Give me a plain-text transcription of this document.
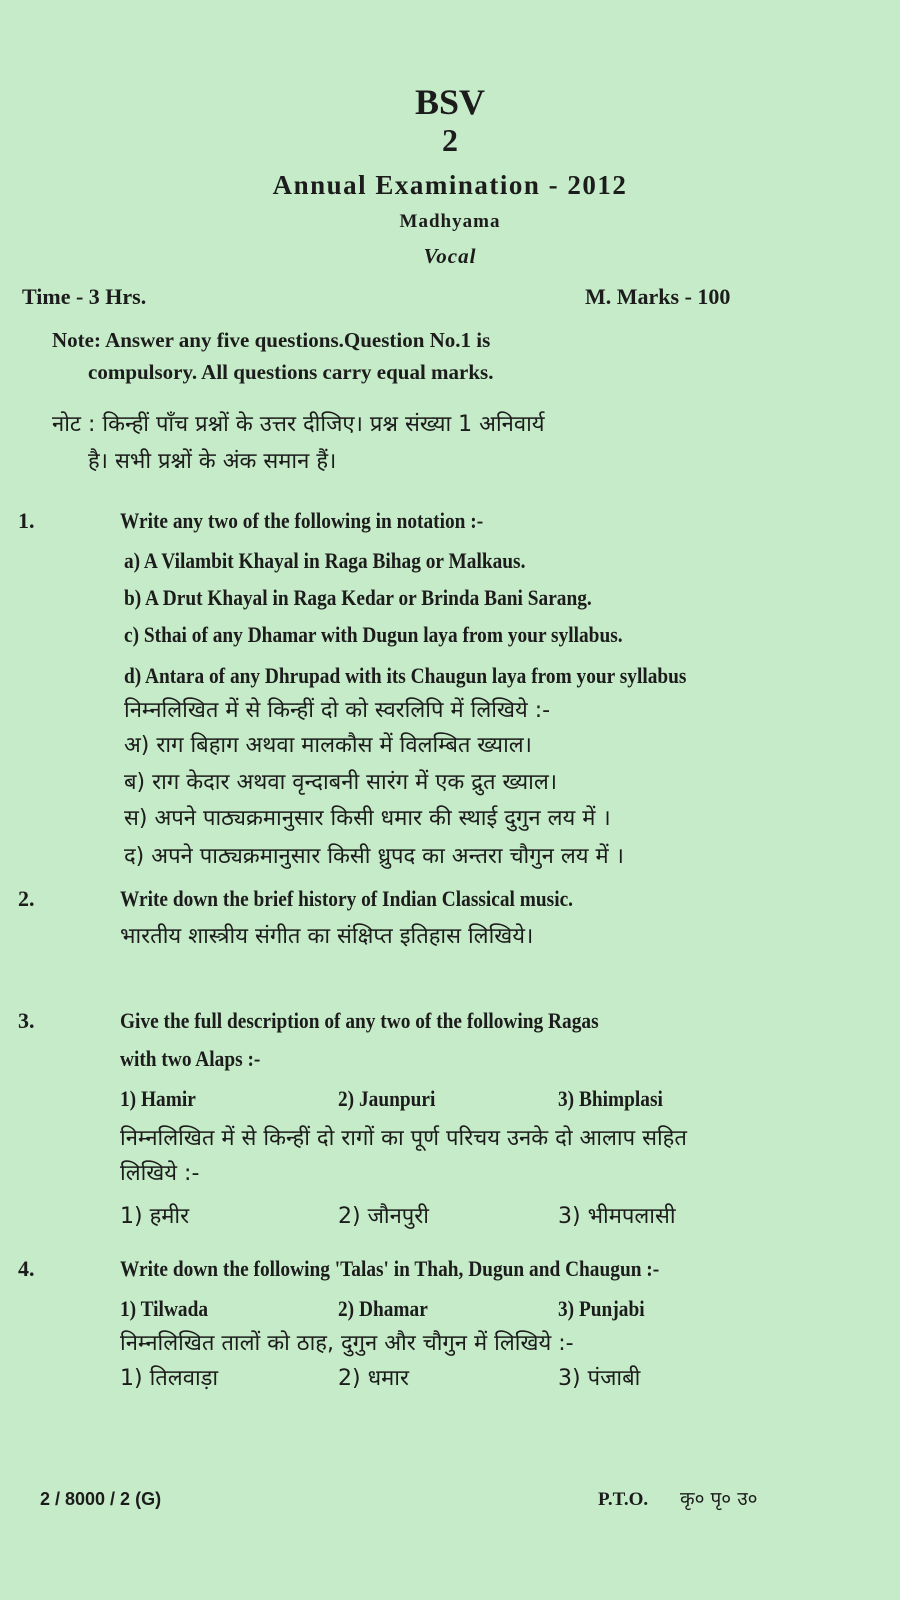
BSV
2
Annual Examination - 2012
Madhyama
Vocal
Time - 3 Hrs.	M. Marks - 100
Note: Answer any five questions.Question No.1 is
compulsory. All questions carry equal marks.
नोट : किन्हीं पाँच प्रश्नों के उत्तर दीजिए। प्रश्न संख्या 1 अनिवार्य
है। सभी प्रश्नों के अंक समान हैं।
1.	Write any two of the following in notation :-
a) A Vilambit Khayal in Raga Bihag or Malkaus.
b) A Drut Khayal in Raga Kedar or Brinda Bani Sarang.
c) Sthai of any Dhamar with Dugun laya from your syllabus.
d) Antara of any Dhrupad with its Chaugun laya from your syllabus
निम्नलिखित में से किन्हीं दो को स्वरलिपि में लिखिये :-
अ) राग बिहाग अथवा मालकौस में विलम्बित ख्याल।
ब) राग केदार अथवा वृन्दाबनी सारंग में एक द्रुत ख्याल।
स) अपने पाठ्यक्रमानुसार किसी धमार की स्थाई दुगुन लय में ।
द) अपने पाठ्यक्रमानुसार किसी ध्रुपद का अन्तरा चौगुन लय में ।
2.	Write down the brief history of Indian Classical music.
भारतीय शास्त्रीय संगीत का संक्षिप्त इतिहास लिखिये।
3.	Give the full description of any two of the following Ragas
with two Alaps :-
1) Hamir	2) Jaunpuri	3) Bhimplasi
निम्नलिखित में से किन्हीं दो रागों का पूर्ण परिचय उनके दो आलाप सहित
लिखिये :-
1) हमीर	2) जौनपुरी	3) भीमपलासी
4.	Write down the following 'Talas' in Thah, Dugun and Chaugun :-
1) Tilwada	2) Dhamar	3) Punjabi
निम्नलिखित तालों को ठाह, दुगुन और चौगुन में लिखिये :-
1) तिलवाड़ा	2) धमार	3) पंजाबी
2 / 8000 / 2 (G)	P.T.O. कृ० पृ० उ०
